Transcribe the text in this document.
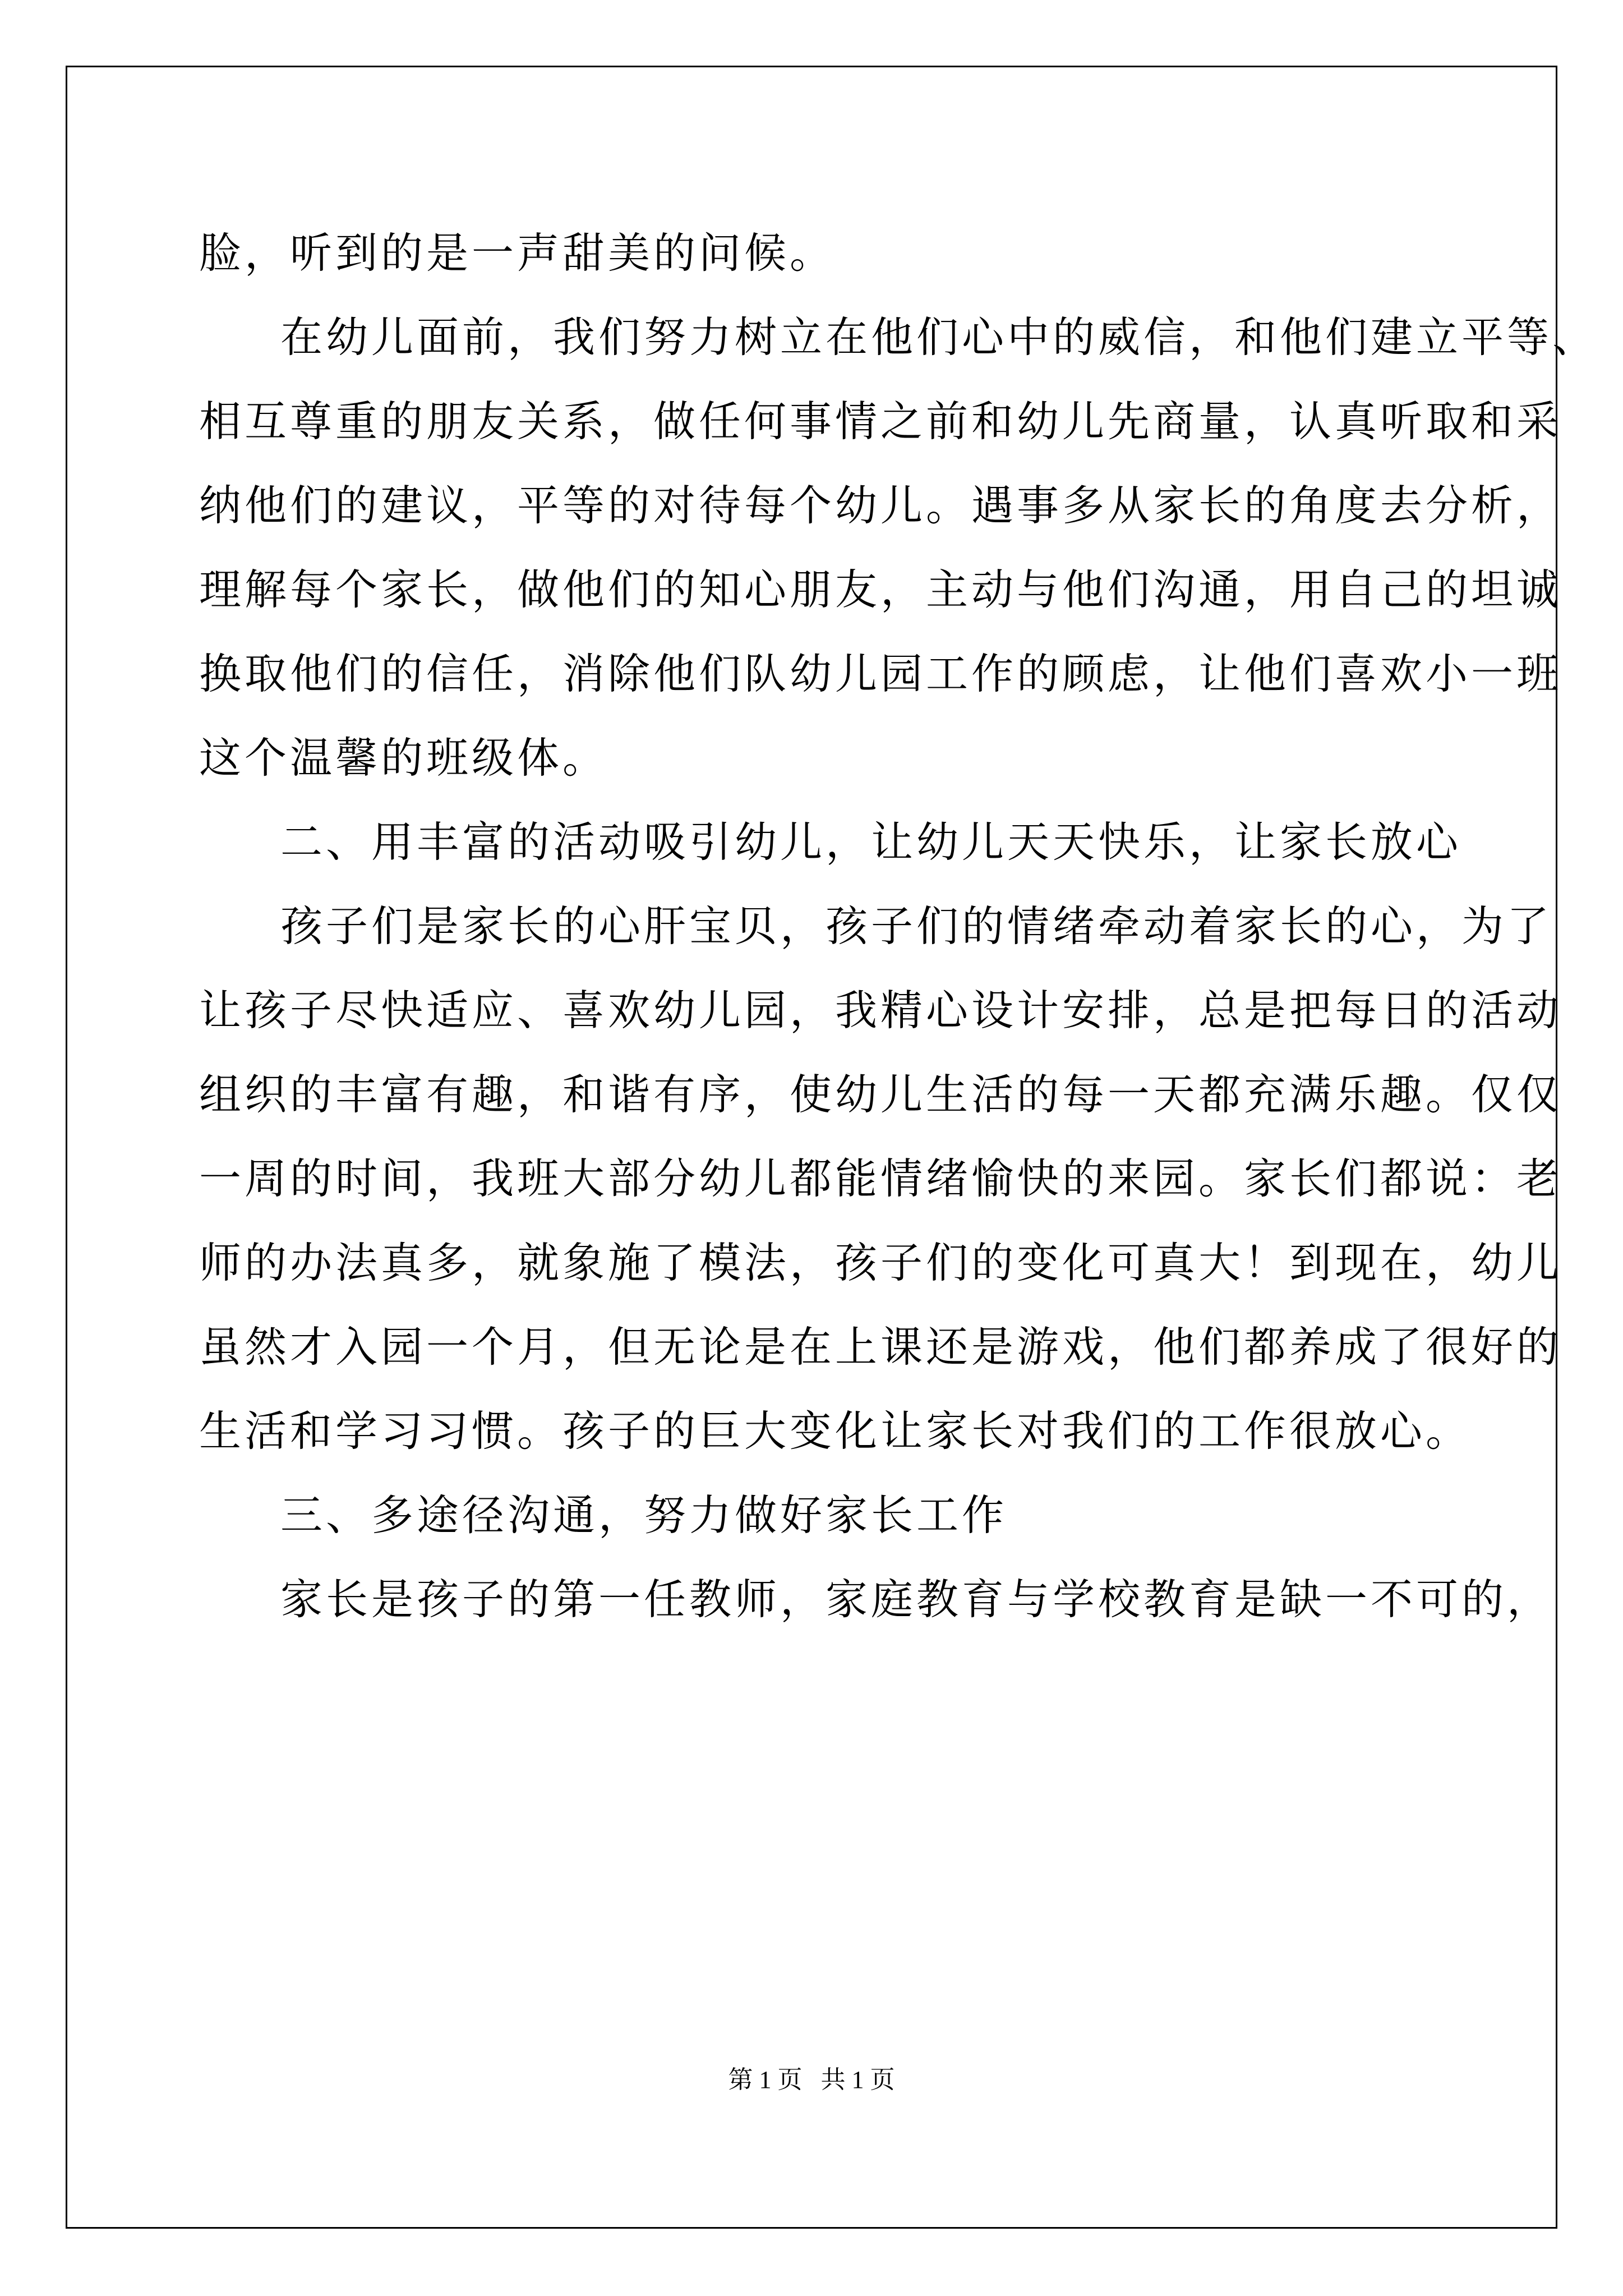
脸，听到的是一声甜美的问候。
在幼儿面前，我们努力树立在他们心中的威信，和他们建立平等、
相互尊重的朋友关系，做任何事情之前和幼儿先商量，认真听取和采
纳他们的建议，平等的对待每个幼儿。遇事多从家长的角度去分析，
理解每个家长，做他们的知心朋友，主动与他们沟通，用自己的坦诚
换取他们的信任，消除他们队幼儿园工作的顾虑，让他们喜欢小一班
这个温馨的班级体。
二、用丰富的活动吸引幼儿，让幼儿天天快乐，让家长放心
孩子们是家长的心肝宝贝，孩子们的情绪牵动着家长的心，为了
让孩子尽快适应、喜欢幼儿园，我精心设计安排，总是把每日的活动
组织的丰富有趣，和谐有序，使幼儿生活的每一天都充满乐趣。仅仅
一周的时间，我班大部分幼儿都能情绪愉快的来园。家长们都说：老
师的办法真多，就象施了模法，孩子们的变化可真大！到现在，幼儿
虽然才入园一个月，但无论是在上课还是游戏，他们都养成了很好的
生活和学习习惯。孩子的巨大变化让家长对我们的工作很放心。
三、多途径沟通，努力做好家长工作
家长是孩子的第一任教师，家庭教育与学校教育是缺一不可的，
第 1 页   共 1 页
